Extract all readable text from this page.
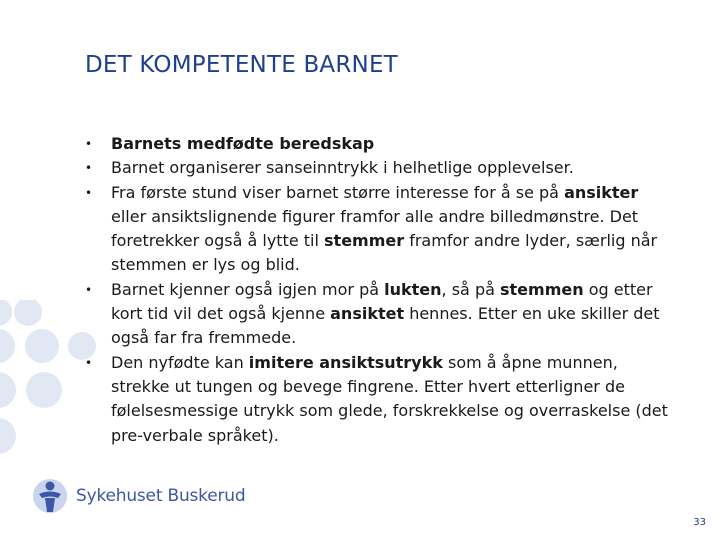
DET KOMPETENTE BARNET
• Barnets medfødte beredskap
• Barnet organiserer sanseinntrykk i helhetlige opplevelser.
• Fra første stund viser barnet større interesse for å se på ansikter eller ansiktslignende figurer framfor alle andre billedmønstre. Det foretrekker også å lytte til stemmer framfor andre lyder, særlig når stemmen er lys og blid.
• Barnet kjenner også igjen mor på lukten, så på stemmen og etter kort tid vil det også kjenne ansiktet hennes. Etter en uke skiller det også far fra fremmede.
• Den nyfødte kan imitere ansiktsutrykk som å åpne munnen, strekke ut tungen og bevege fingrene. Etter hvert etterligner de følelsesmessige utrykk som glede, forskrekkelse og overraskelse (det pre-verbale språket).
Sykehuset Buskerud
33
